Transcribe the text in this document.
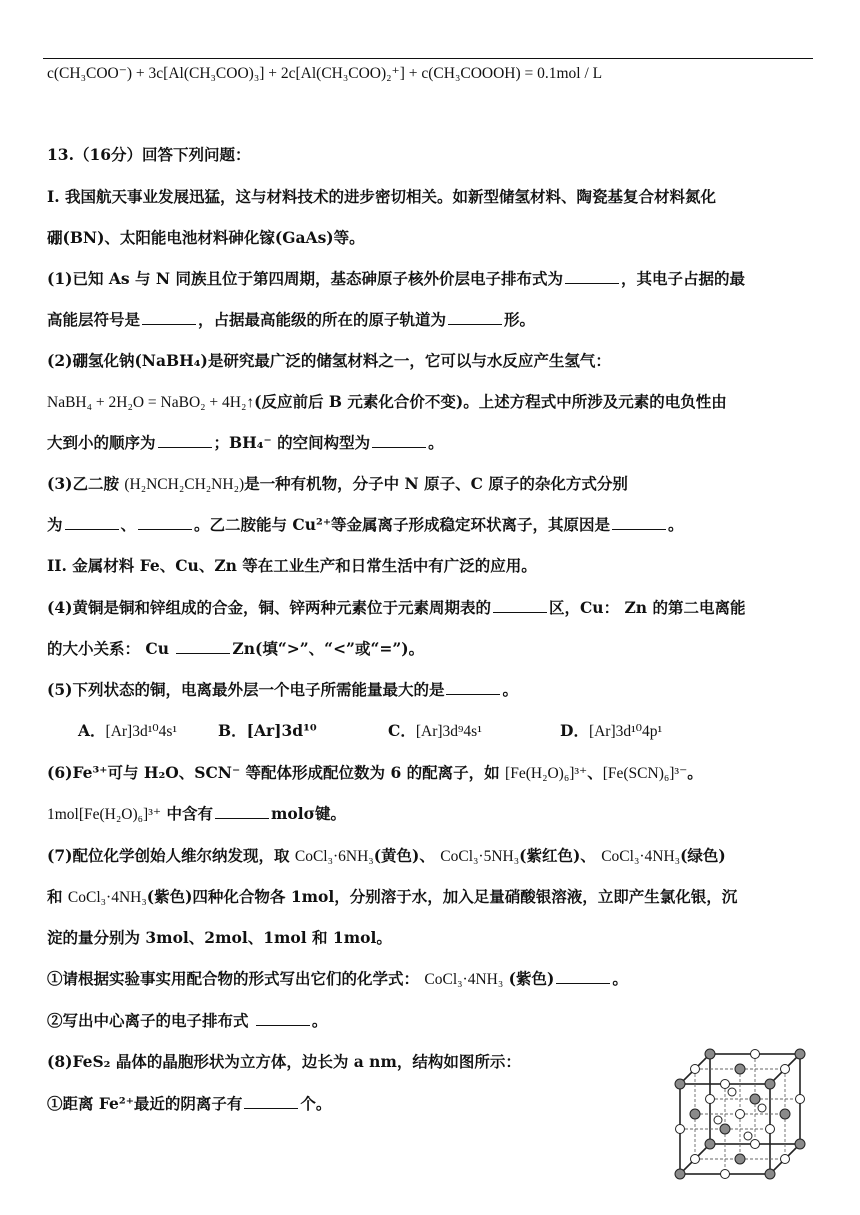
c(CH₃COO⁻) + 3c[Al(CH₃COO)₃] + 2c[Al(CH₃COO)₂⁺] + c(CH₃COOOH) = 0.1mol / L
13.（16分）回答下列问题：
Ⅰ. 我国航天事业发展迅猛，这与材料技术的进步密切相关。如新型储氢材料、陶瓷基复合材料氮化
硼(BN)、太阳能电池材料砷化镓(GaAs)等。
(1)已知 As 与 N 同族且位于第四周期，基态砷原子核外价层电子排布式为	，其电子占据的最
高能层符号是	，占据最高能级的所在的原子轨道为	形。
(2)硼氢化钠(NaBH₄)是研究最广泛的储氢材料之一，它可以与水反应产生氢气：
NaBH₄ + 2H₂O = NaBO₂ + 4H₂↑(反应前后 B 元素化合价不变)。上述方程式中所涉及元素的电负性由
大到小的顺序为	；BH₄⁻ 的空间构型为	。
(3)乙二胺 (H₂NCH₂CH₂NH₂)是一种有机物，分子中 N 原子、C 原子的杂化方式分别
为	、	。乙二胺能与 Cu²⁺等金属离子形成稳定环状离子，其原因是	。
II. 金属材料 Fe、Cu、Zn 等在工业生产和日常生活中有广泛的应用。
(4)黄铜是铜和锌组成的合金，铜、锌两种元素位于元素周期表的	区，Cu： Zn 的第二电离能
的大小关系： Cu	Zn(填“>”、“<”或“=”)。
(5)下列状态的铜，电离最外层一个电子所需能量最大的是	。
A．[Ar]3d¹⁰4s¹	B．[Ar]3d¹⁰	C．[Ar]3d⁹4s¹	D．[Ar]3d¹⁰4p¹
(6)Fe³⁺可与 H₂O、SCN⁻ 等配体形成配位数为 6 的配离子，如 [Fe(H₂O)₆]³⁺、[Fe(SCN)₆]³⁻。
1mol[Fe(H₂O)₆]³⁺ 中含有	molσ键。
(7)配位化学创始人维尔纳发现，取 CoCl₃·6NH₃(黄色)、 CoCl₃·5NH₃(紫红色)、 CoCl₃·4NH₃(绿色)
和 CoCl₃·4NH₃(紫色)四种化合物各 1mol，分别溶于水，加入足量硝酸银溶液，立即产生氯化银，沉
淀的量分别为 3mol、2mol、1mol 和 1mol。
①请根据实验事实用配合物的形式写出它们的化学式： CoCl₃·4NH₃ (紫色)	。
②写出中心离子的电子排布式	。
(8)FeS₂ 晶体的晶胞形状为立方体，边长为 a nm，结构如图所示：
①距离 Fe²⁺最近的阴离子有	个。
